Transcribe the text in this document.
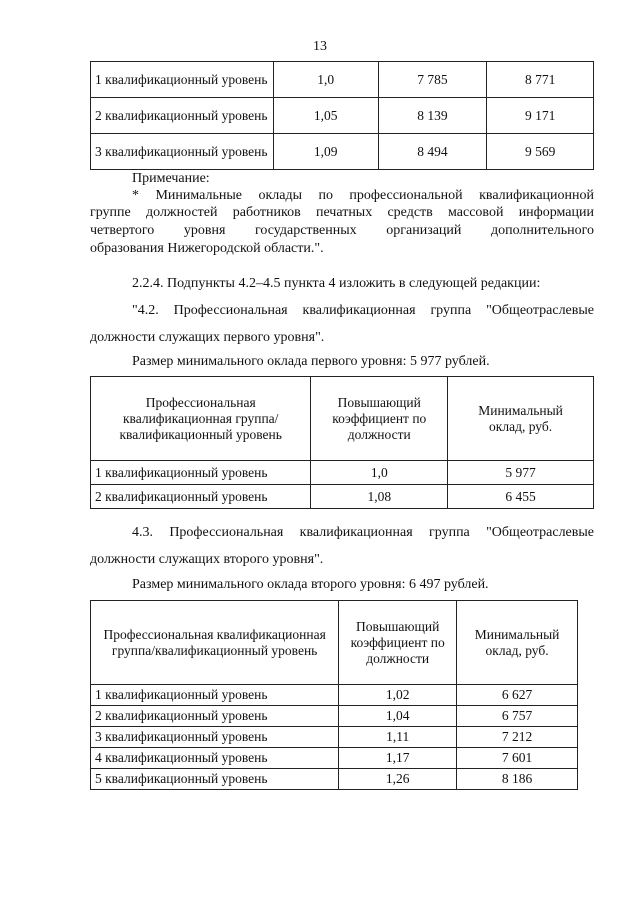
13
1 квалификационный уровень	1,0	7 785	8 771
2 квалификационный уровень	1,05	8 139	9 171
3 квалификационный уровень	1,09	8 494	9 569
Примечание:
* Минимальные оклады по профессиональной квалификационной
группе должностей работников печатных средств массовой информации
четвертого уровня государственных организаций дополнительного
образования Нижегородской области.".
2.2.4. Подпункты 4.2–4.5 пункта 4 изложить в следующей редакции:
"4.2. Профессиональная квалификационная группа "Общеотраслевые
должности служащих первого уровня".
Размер минимального оклада первого уровня: 5 977 рублей.
Профессиональная квалификационная группа/квалификационный уровень	Повышающий коэффициент по должности	Минимальный оклад, руб.
1 квалификационный уровень	1,0	5 977
2 квалификационный уровень	1,08	6 455
4.3. Профессиональная квалификационная группа "Общеотраслевые
должности служащих второго уровня".
Размер минимального оклада второго уровня: 6 497 рублей.
Профессиональная квалификационная группа/квалификационный уровень	Повышающий коэффициент по должности	Минимальный оклад, руб.
1 квалификационный уровень	1,02	6 627
2 квалификационный уровень	1,04	6 757
3 квалификационный уровень	1,11	7 212
4 квалификационный уровень	1,17	7 601
5 квалификационный уровень	1,26	8 186
